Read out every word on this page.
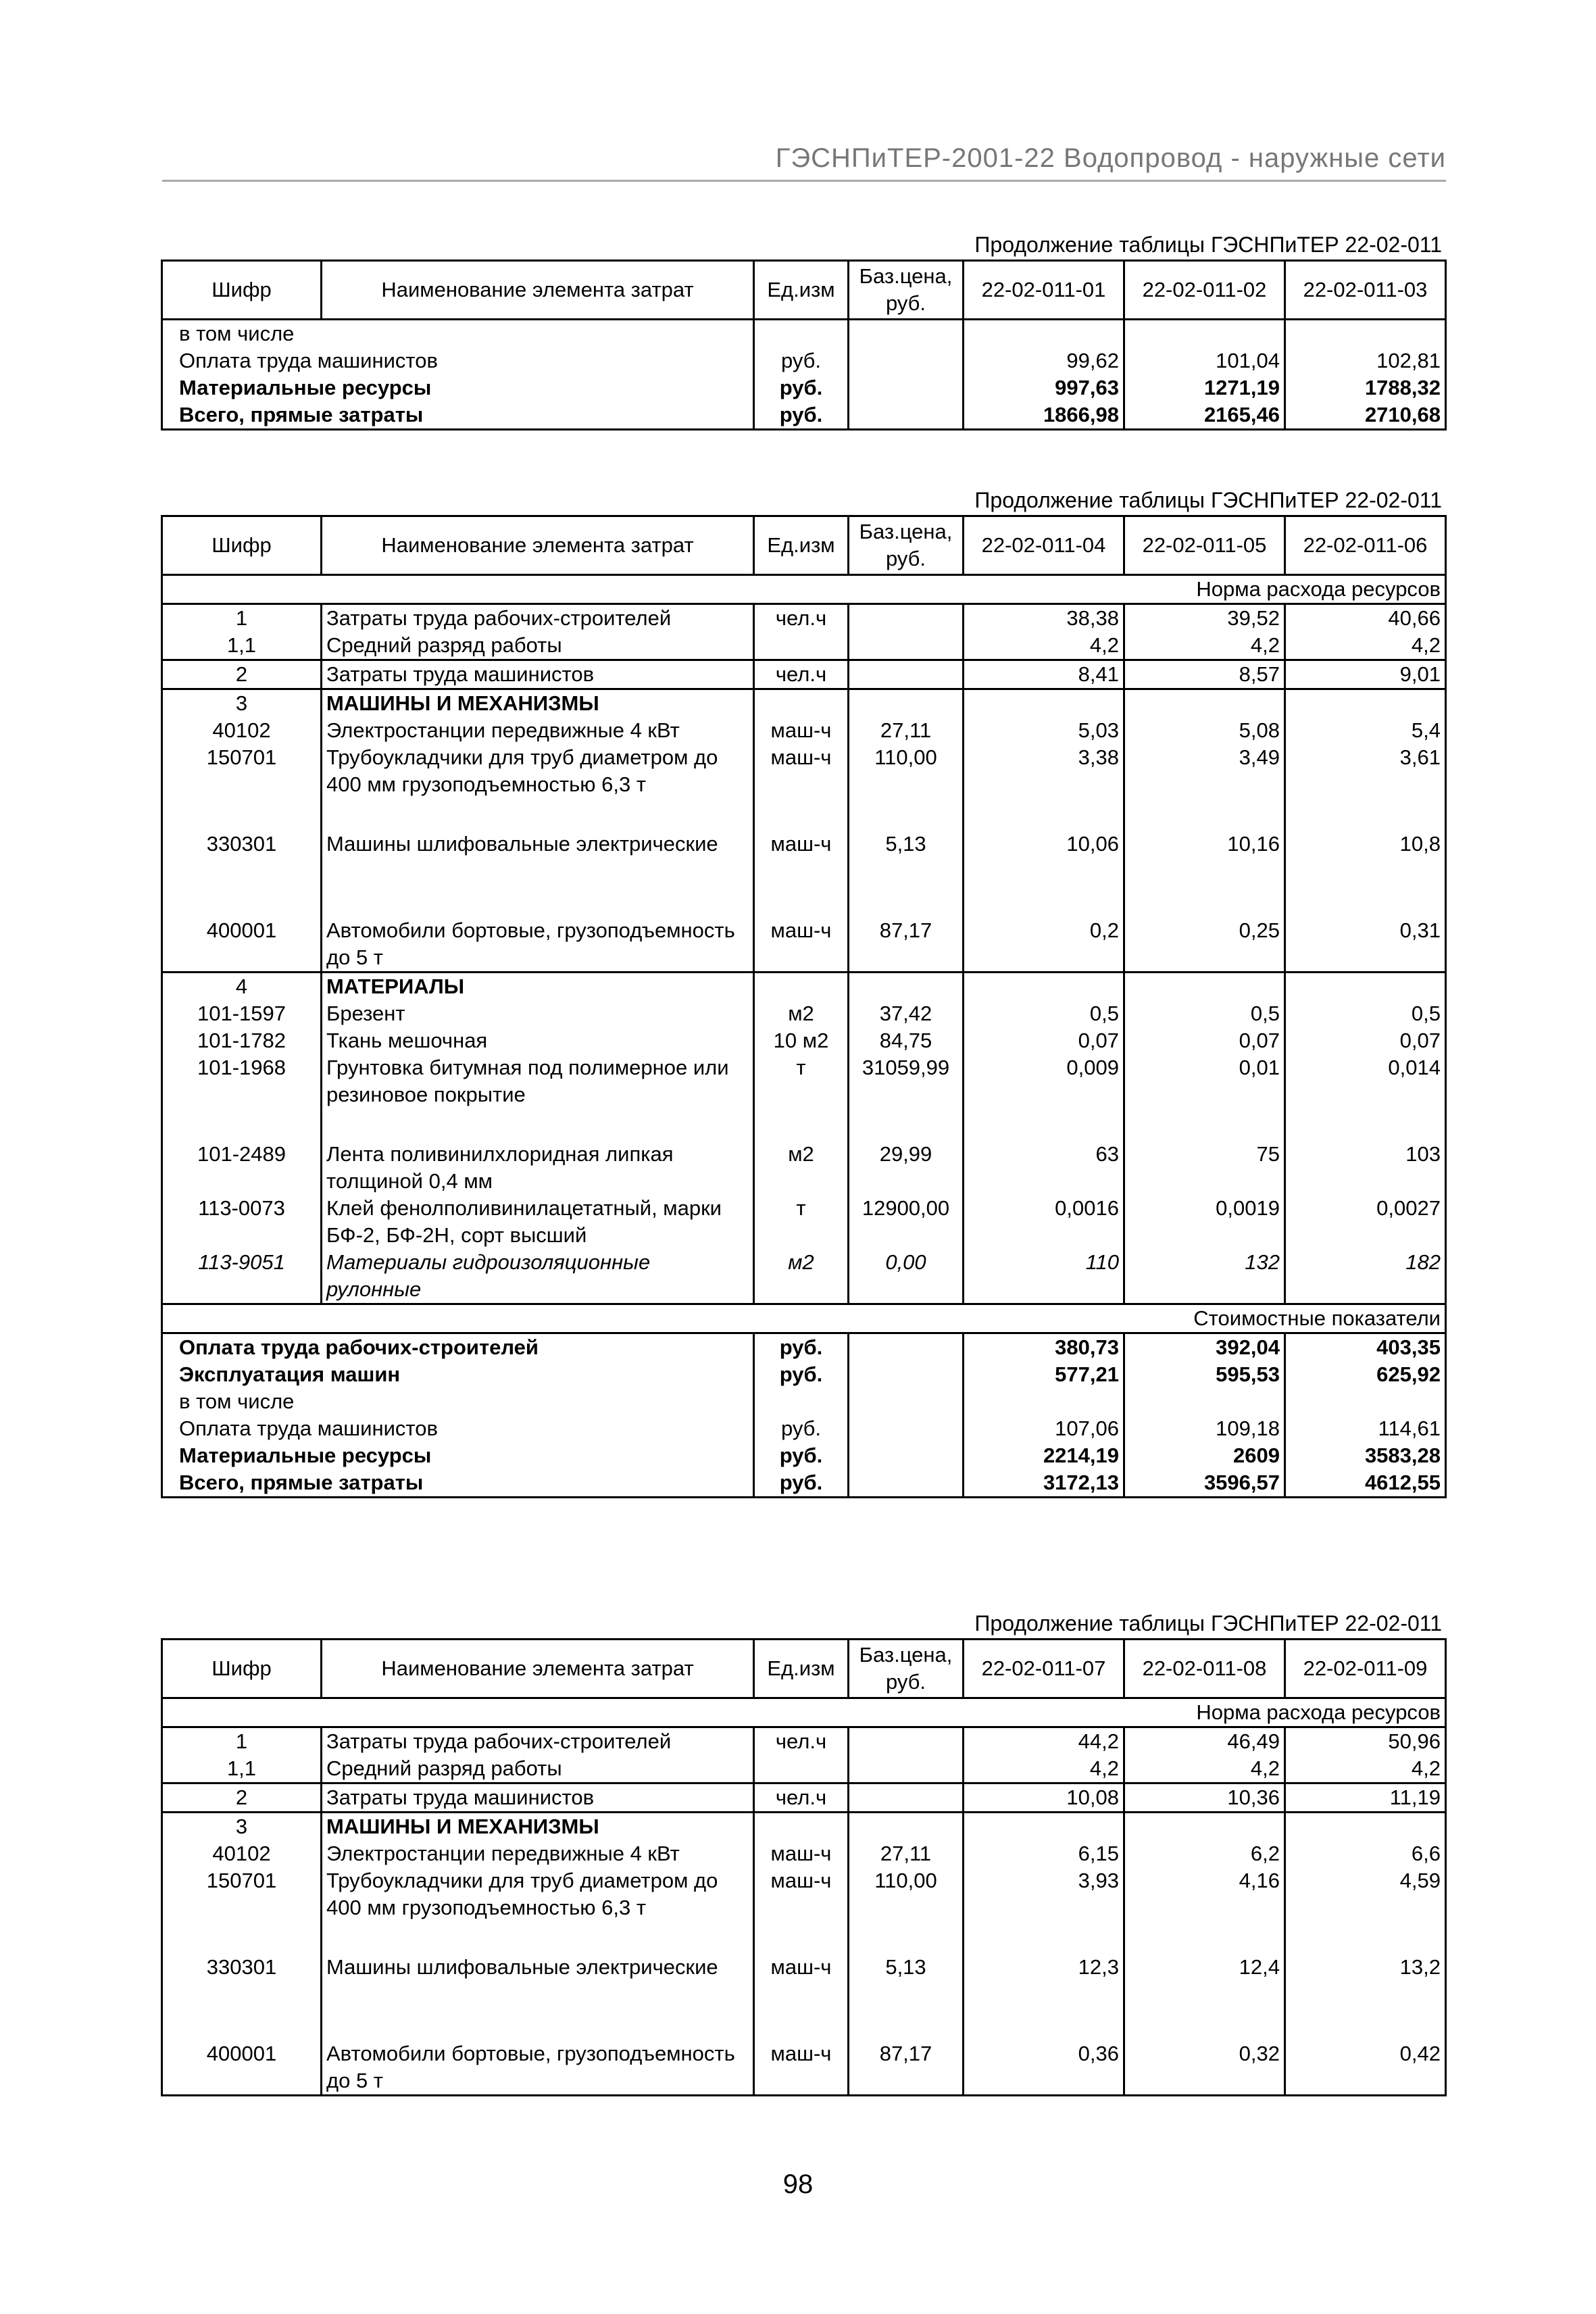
ГЭСНПиТЕР-2001-22 Водопровод - наружные сети
Продолжение таблицы ГЭСНПиТЕР 22-02-011
Шифр	Наименование элемента затрат	Ед.изм	Баз.цена, руб.	22-02-011-01	22-02-011-02	22-02-011-03
в том числе						
Оплата труда машинистов		руб.		99,62	101,04	102,81
Материальные ресурсы		руб.		997,63	1271,19	1788,32
Всего, прямые затраты		руб.		1866,98	2165,46	2710,68
Продолжение таблицы ГЭСНПиТЕР 22-02-011
Шифр	Наименование элемента затрат	Ед.изм	Баз.цена, руб.	22-02-011-04	22-02-011-05	22-02-011-06
Норма расхода ресурсов						
1	Затраты труда рабочих-строителей	чел.ч		38,38	39,52	40,66
1,1	Средний разряд работы			4,2	4,2	4,2
2	Затраты труда машинистов	чел.ч		8,41	8,57	9,01
3	МАШИНЫ И МЕХАНИЗМЫ					
40102	Электростанции передвижные 4 кВт	маш-ч	27,11	5,03	5,08	5,4
150701	Трубоукладчики для труб диаметром до 400 мм грузоподъемностью 6,3 т	маш-ч	110,00	3,38	3,49	3,61
330301	Машины шлифовальные электрические	маш-ч	5,13	10,06	10,16	10,8
400001	Автомобили бортовые, грузоподъемность до 5 т	маш-ч	87,17	0,2	0,25	0,31
4	МАТЕРИАЛЫ					
101-1597	Брезент	м2	37,42	0,5	0,5	0,5
101-1782	Ткань мешочная	10 м2	84,75	0,07	0,07	0,07
101-1968	Грунтовка битумная под полимерное или резиновое покрытие	т	31059,99	0,009	0,01	0,014
101-2489	Лента поливинилхлоридная липкая толщиной 0,4 мм	м2	29,99	63	75	103
113-0073	Клей фенолполивинилацетатный, марки БФ-2, БФ-2Н, сорт высший	т	12900,00	0,0016	0,0019	0,0027
113-9051	Материалы гидроизоляционные рулонные	м2	0,00	110	132	182
Стоимостные показатели						
Оплата труда рабочих-строителей		руб.		380,73	392,04	403,35
Эксплуатация машин		руб.		577,21	595,53	625,92
в том числе						
Оплата труда машинистов		руб.		107,06	109,18	114,61
Материальные ресурсы		руб.		2214,19	2609	3583,28
Всего, прямые затраты		руб.		3172,13	3596,57	4612,55
Продолжение таблицы ГЭСНПиТЕР 22-02-011
Шифр	Наименование элемента затрат	Ед.изм	Баз.цена, руб.	22-02-011-07	22-02-011-08	22-02-011-09
Норма расхода ресурсов						
1	Затраты труда рабочих-строителей	чел.ч		44,2	46,49	50,96
1,1	Средний разряд работы			4,2	4,2	4,2
2	Затраты труда машинистов	чел.ч		10,08	10,36	11,19
3	МАШИНЫ И МЕХАНИЗМЫ					
40102	Электростанции передвижные 4 кВт	маш-ч	27,11	6,15	6,2	6,6
150701	Трубоукладчики для труб диаметром до 400 мм грузоподъемностью 6,3 т	маш-ч	110,00	3,93	4,16	4,59
330301	Машины шлифовальные электрические	маш-ч	5,13	12,3	12,4	13,2
400001	Автомобили бортовые, грузоподъемность до 5 т	маш-ч	87,17	0,36	0,32	0,42
98
